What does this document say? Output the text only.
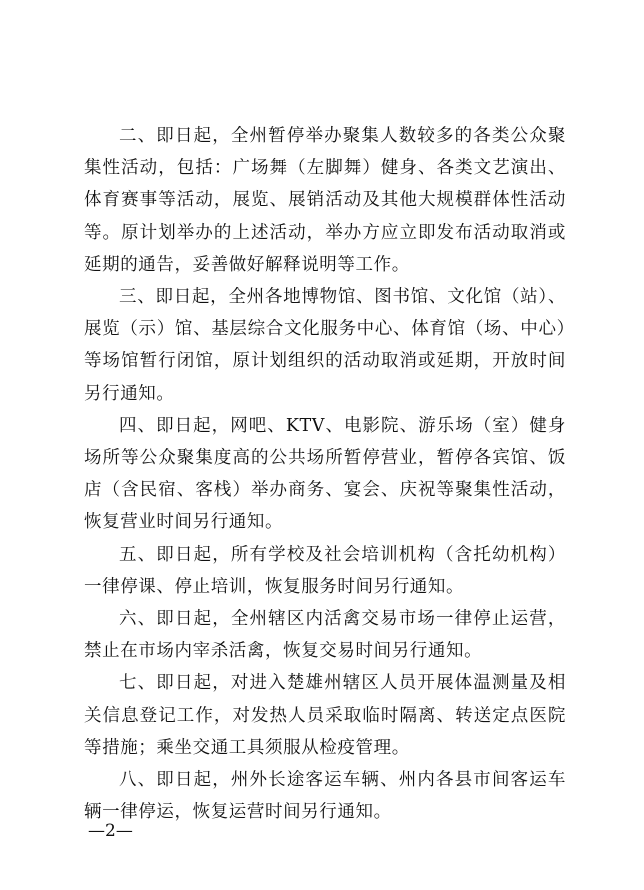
二、即日起，全州暂停举办聚集人数较多的各类公众聚集性活动，包括：广场舞（左脚舞）健身、各类文艺演出、体育赛事等活动，展览、展销活动及其他大规模群体性活动等。原计划举办的上述活动，举办方应立即发布活动取消或延期的通告，妥善做好解释说明等工作。

三、即日起，全州各地博物馆、图书馆、文化馆（站）、展览（示）馆、基层综合文化服务中心、体育馆（场、中心）等场馆暂行闭馆，原计划组织的活动取消或延期，开放时间另行通知。

四、即日起，网吧、KTV、电影院、游乐场（室）健身场所等公众聚集度高的公共场所暂停营业，暂停各宾馆、饭店（含民宿、客栈）举办商务、宴会、庆祝等聚集性活动，恢复营业时间另行通知。

五、即日起，所有学校及社会培训机构（含托幼机构）一律停课、停止培训，恢复服务时间另行通知。

六、即日起，全州辖区内活禽交易市场一律停止运营，禁止在市场内宰杀活禽，恢复交易时间另行通知。

七、即日起，对进入楚雄州辖区人员开展体温测量及相关信息登记工作，对发热人员采取临时隔离、转送定点医院等措施；乘坐交通工具须服从检疫管理。

八、即日起，州外长途客运车辆、州内各县市间客运车辆一律停运，恢复运营时间另行通知。

—2—
